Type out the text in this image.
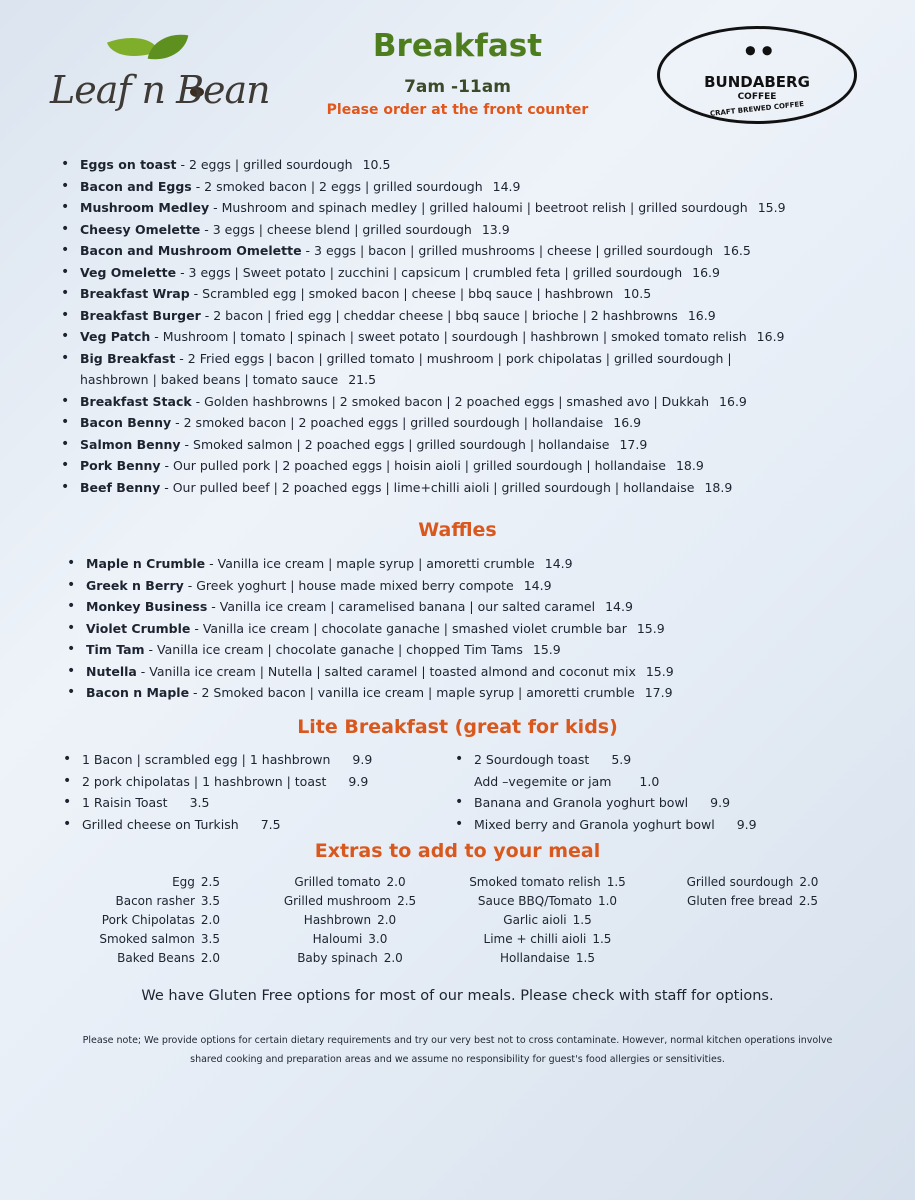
Leaf n Bean
Breakfast
7am -11am
Please order at the front counter
⚫⚫
BUNDABERG
COFFEE
CRAFT BREWED COFFEE
• Eggs on toast - 2 eggs | grilled sourdough 10.5
• Bacon and Eggs - 2 smoked bacon | 2 eggs | grilled sourdough 14.9
• Mushroom Medley - Mushroom and spinach medley | grilled haloumi | beetroot relish | grilled sourdough 15.9
• Cheesy Omelette - 3 eggs | cheese blend | grilled sourdough 13.9
• Bacon and Mushroom Omelette - 3 eggs | bacon | grilled mushrooms | cheese | grilled sourdough 16.5
• Veg Omelette - 3 eggs | Sweet potato | zucchini | capsicum | crumbled feta | grilled sourdough 16.9
• Breakfast Wrap - Scrambled egg | smoked bacon | cheese | bbq sauce | hashbrown 10.5
• Breakfast Burger - 2 bacon | fried egg | cheddar cheese | bbq sauce | brioche | 2 hashbrowns 16.9
• Veg Patch - Mushroom | tomato | spinach | sweet potato | sourdough | hashbrown | smoked tomato relish 16.9
• Big Breakfast - 2 Fried eggs | bacon | grilled tomato | mushroom | pork chipolatas | grilled sourdough |
hashbrown | baked beans | tomato sauce 21.5
• Breakfast Stack - Golden hashbrowns | 2 smoked bacon | 2 poached eggs | smashed avo | Dukkah 16.9
• Bacon Benny - 2 smoked bacon | 2 poached eggs | grilled sourdough | hollandaise 16.9
• Salmon Benny - Smoked salmon | 2 poached eggs | grilled sourdough | hollandaise 17.9
• Pork Benny - Our pulled pork | 2 poached eggs | hoisin aioli | grilled sourdough | hollandaise 18.9
• Beef Benny - Our pulled beef | 2 poached eggs | lime+chilli aioli | grilled sourdough | hollandaise 18.9
Waffles
• Maple n Crumble - Vanilla ice cream | maple syrup | amoretti crumble 14.9
• Greek n Berry - Greek yoghurt | house made mixed berry compote 14.9
• Monkey Business - Vanilla ice cream | caramelised banana | our salted caramel 14.9
• Violet Crumble - Vanilla ice cream | chocolate ganache | smashed violet crumble bar 15.9
• Tim Tam - Vanilla ice cream | chocolate ganache | chopped Tim Tams 15.9
• Nutella - Vanilla ice cream | Nutella | salted caramel | toasted almond and coconut mix 15.9
• Bacon n Maple - 2 Smoked bacon | vanilla ice cream | maple syrup | amoretti crumble 17.9
Lite Breakfast (great for kids)
• 1 Bacon | scrambled egg | 1 hashbrown 9.9
• 2 pork chipolatas | 1 hashbrown | toast 9.9
• 1 Raisin Toast 3.5
• Grilled cheese on Turkish 7.5
• 2 Sourdough toast 5.9
Add –vegemite or jam 1.0
• Banana and Granola yoghurt bowl 9.9
• Mixed berry and Granola yoghurt bowl 9.9
Extras to add to your meal
Egg 2.5
Bacon rasher 3.5
Pork Chipolatas 2.0
Smoked salmon 3.5
Baked Beans 2.0
Grilled tomato 2.0
Grilled mushroom 2.5
Hashbrown 2.0
Haloumi 3.0
Baby spinach 2.0
Smoked tomato relish 1.5
Sauce BBQ/Tomato 1.0
Garlic aioli 1.5
Lime + chilli aioli 1.5
Hollandaise 1.5
Grilled sourdough 2.0
Gluten free bread 2.5
We have Gluten Free options for most of our meals. Please check with staff for options.
Please note; We provide options for certain dietary requirements and try our very best not to cross contaminate. However, normal kitchen operations involve shared cooking and preparation areas and we assume no responsibility for guest's food allergies or sensitivities.
